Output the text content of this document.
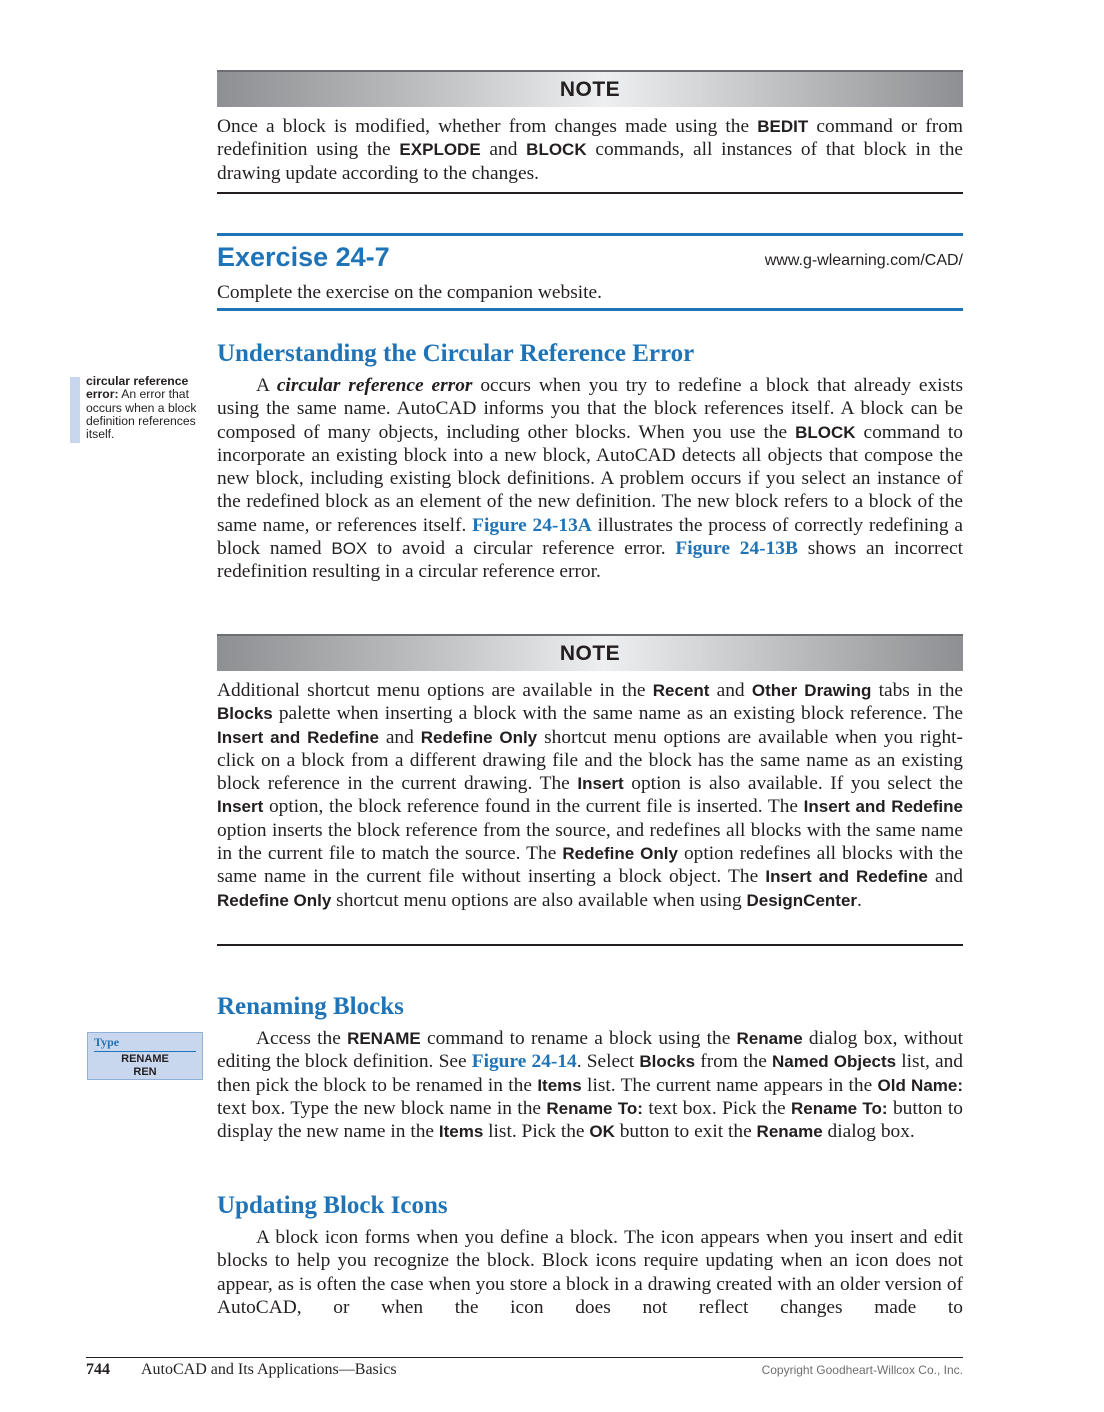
NOTE

Once a block is modified, whether from changes made using the BEDIT command or from redefinition using the EXPLODE and BLOCK commands, all instances of that block in the drawing update according to the changes.

Exercise 24-7	www.g-wlearning.com/CAD/
Complete the exercise on the companion website.
Understanding the Circular Reference Error
circular reference error: An error that occurs when a block definition references itself.

A circular reference error occurs when you try to redefine a block that already exists using the same name. AutoCAD informs you that the block references itself. A block can be composed of many objects, including other blocks. When you use the BLOCK command to incorporate an existing block into a new block, AutoCAD detects all objects that compose the new block, including existing block definitions. A problem occurs if you select an instance of the redefined block as an element of the new definition. The new block refers to a block of the same name, or references itself. Figure 24-13A illustrates the process of correctly redefining a block named BOX to avoid a circular reference error. Figure 24-13B shows an incorrect redefinition resulting in a circular reference error.

NOTE

Additional shortcut menu options are available in the Recent and Other Drawing tabs in the Blocks palette when inserting a block with the same name as an existing block reference. The Insert and Redefine and Redefine Only shortcut menu options are available when you right-click on a block from a different drawing file and the block has the same name as an existing block reference in the current drawing. The Insert option is also available. If you select the Insert option, the block reference found in the current file is inserted. The Insert and Redefine option inserts the block reference from the source, and redefines all blocks with the same name in the current file to match the source. The Redefine Only option redefines all blocks with the same name in the current file without inserting a block object. The Insert and Redefine and Redefine Only shortcut menu options are also available when using DesignCenter.

Renaming Blocks
Type
RENAME
REN

Access the RENAME command to rename a block using the Rename dialog box, without editing the block definition. See Figure 24-14. Select Blocks from the Named Objects list, and then pick the block to be renamed in the Items list. The current name appears in the Old Name: text box. Type the new block name in the Rename To: text box. Pick the Rename To: button to display the new name in the Items list. Pick the OK button to exit the Rename dialog box.

Updating Block Icons

A block icon forms when you define a block. The icon appears when you insert and edit blocks to help you recognize the block. Block icons require updating when an icon does not appear, as is often the case when you store a block in a drawing created with an older version of AutoCAD, or when the icon does not reflect changes made to

744 AutoCAD and Its Applications—Basics	Copyright Goodheart-Willcox Co., Inc.
